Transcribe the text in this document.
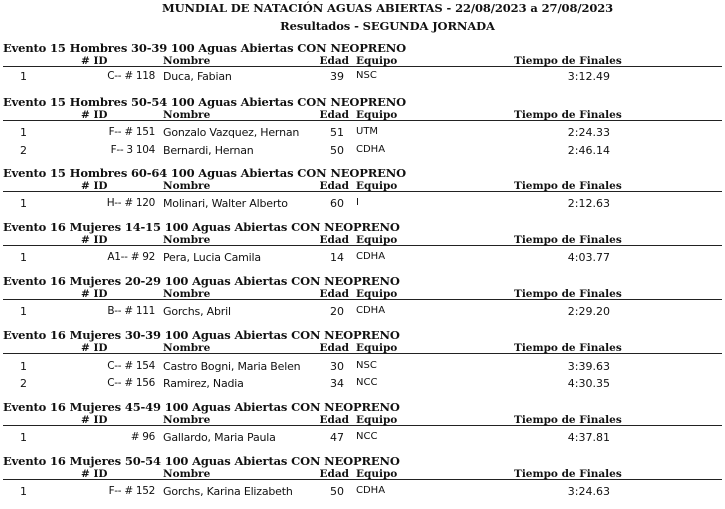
MUNDIAL DE NATACIÓN AGUAS ABIERTAS - 22/08/2023 a 27/08/2023
Resultados - SEGUNDA JORNADA
Evento 15 Hombres 30-39 100 Aguas Abiertas CON NEOPRENO
# ID	Nombre	Edad Equipo	Tiempo de Finales
1	C-- # 118 Duca, Fabian	39 NSC	3:12.49
Evento 15 Hombres 50-54 100 Aguas Abiertas CON NEOPRENO
# ID	Nombre	Edad Equipo	Tiempo de Finales
1	F-- # 151 Gonzalo Vazquez, Hernan	51 UTM	2:24.33
2	F-- 3 104 Bernardi, Hernan	50 CDHA	2:46.14
Evento 15 Hombres 60-64 100 Aguas Abiertas CON NEOPRENO
# ID	Nombre	Edad Equipo	Tiempo de Finales
1	H-- # 120 Molinari, Walter Alberto	60 I	2:12.63
Evento 16 Mujeres 14-15 100 Aguas Abiertas CON NEOPRENO
# ID	Nombre	Edad Equipo	Tiempo de Finales
1	A1-- # 92 Pera, Lucia Camila	14 CDHA	4:03.77
Evento 16 Mujeres 20-29 100 Aguas Abiertas CON NEOPRENO
# ID	Nombre	Edad Equipo	Tiempo de Finales
1	B-- # 111 Gorchs, Abril	20 CDHA	2:29.20
Evento 16 Mujeres 30-39 100 Aguas Abiertas CON NEOPRENO
# ID	Nombre	Edad Equipo	Tiempo de Finales
1	C-- # 154 Castro Bogni, Maria Belen	30 NSC	3:39.63
2	C-- # 156 Ramirez, Nadia	34 NCC	4:30.35
Evento 16 Mujeres 45-49 100 Aguas Abiertas CON NEOPRENO
# ID	Nombre	Edad Equipo	Tiempo de Finales
1	# 96 Gallardo, Maria Paula	47 NCC	4:37.81
Evento 16 Mujeres 50-54 100 Aguas Abiertas CON NEOPRENO
# ID	Nombre	Edad Equipo	Tiempo de Finales
1	F-- # 152 Gorchs, Karina Elizabeth	50 CDHA	3:24.63
